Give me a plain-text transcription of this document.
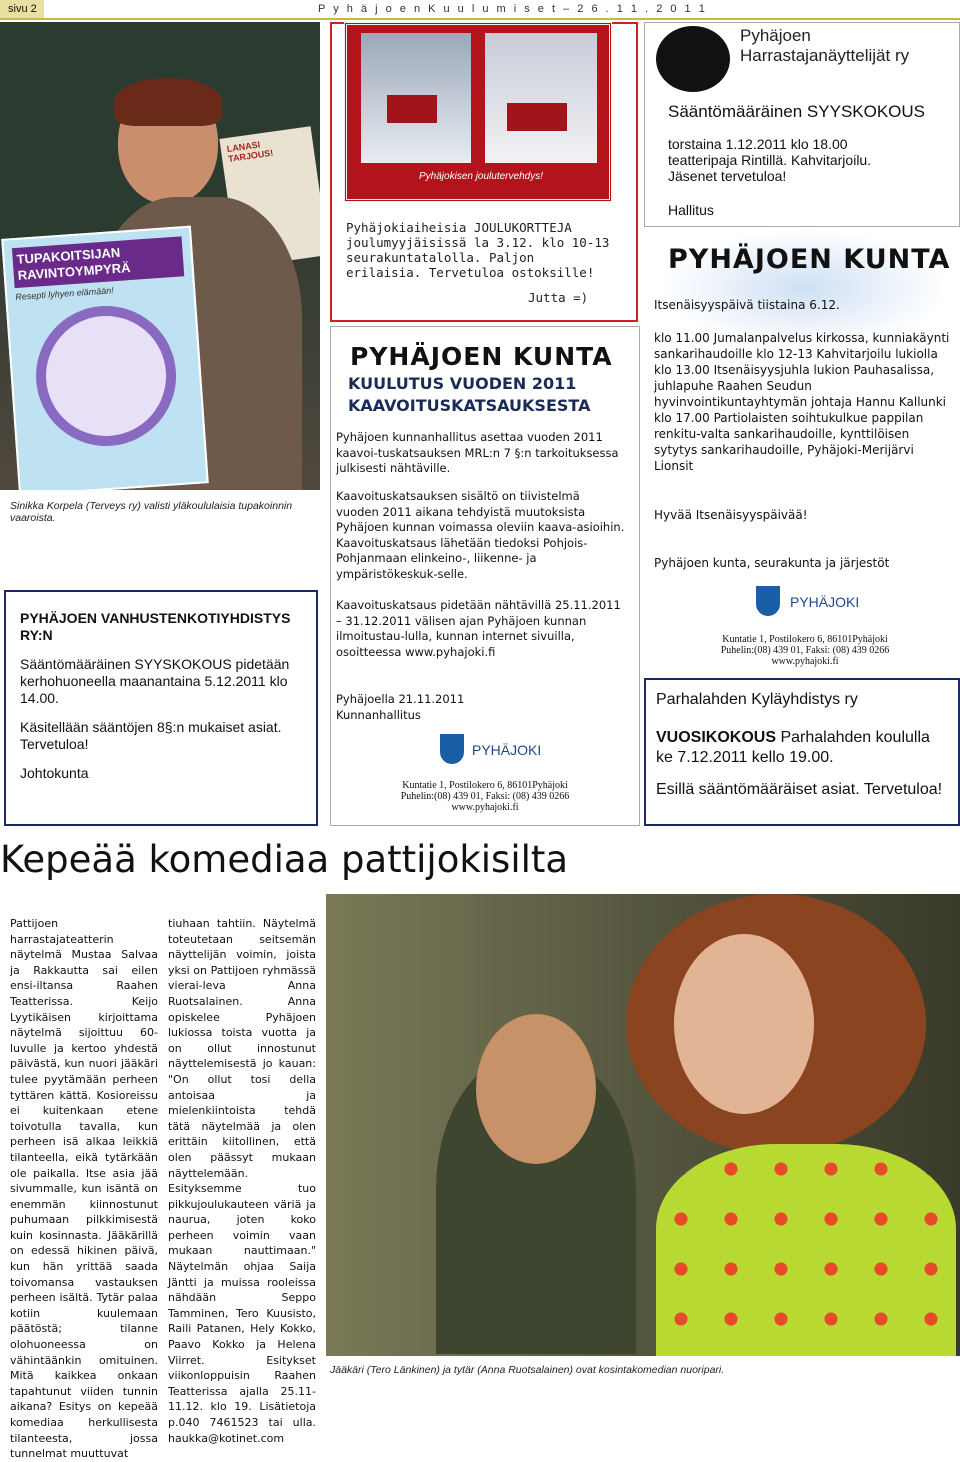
sivu 2	P y h ä j o e n K u u l u m i s e t – 2 6 . 1 1 . 2 0 1 1
LANASI TARJOUS!
TUPAKOITSIJAN RAVINTOYMPYRÄ
Resepti lyhyen elämään!
Sinikka Korpela (Terveys ry) valisti yläkoululaisia tupakoinnin vaaroista.

PYHÄJOEN VANHUSTENKOTIYHDISTYS RY:N

Sääntömääräinen SYYSKOKOUS pidetään kerhohuoneella maanantaina 5.12.2011 klo 14.00.

Käsitellään sääntöjen 8§:n mukaiset asiat. Tervetuloa!

Johtokunta

Pyhäjokisen joulutervehdys!
Pyhäjokiaiheisia JOULUKORTTEJA joulumyyjäisissä la 3.12. klo 10-13 seurakuntatalolla. Paljon erilaisia. Tervetuloa ostoksille!
Jutta =)
PYHÄJOEN KUNTA
KUULUTUS VUODEN 2011
KAAVOITUSKATSAUKSESTA
Pyhäjoen kunnanhallitus asettaa vuoden 2011 kaavoi-tuskatsauksen MRL:n 7 §:n tarkoituksessa julkisesti nähtäville.
Kaavoituskatsauksen sisältö on tiivistelmä vuoden 2011 aikana tehdyistä muutoksista Pyhäjoen kunnan voimassa oleviin kaava-asioihin. Kaavoituskatsaus lähetään tiedoksi Pohjois-Pohjanmaan elinkeino-, liikenne- ja ympäristökeskuk-selle.
Kaavoituskatsaus pidetään nähtävillä 25.11.2011 – 31.12.2011 välisen ajan Pyhäjoen kunnan ilmoitustau-lulla, kunnan internet sivuilla, osoitteessa www.pyhajoki.fi
Pyhäjoella 21.11.2011
Kunnanhallitus
PYHÄJOKI
Kuntatie 1, Postilokero 6, 86101Pyhäjoki
Puhelin:(08) 439 01, Faksi: (08) 439 0266
www.pyhajoki.fi
Pyhäjoen Harrastajanäyttelijät ry
Sääntömääräinen SYYSKOKOUS
torstaina 1.12.2011 klo 18.00 teatteripaja Rintillä. Kahvitarjoilu. Jäsenet tervetuloa!
Hallitus
PYHÄJOEN KUNTA
Itsenäisyyspäivä tiistaina 6.12.
klo 11.00 Jumalanpalvelus kirkossa, kunniakäynti sankarihaudoille klo 12-13 Kahvitarjoilu lukiolla klo 13.00 Itsenäisyysjuhla lukion Pauhasalissa, juhlapuhe Raahen Seudun hyvinvointikuntayhtymän johtaja Hannu Kallunki klo 17.00 Partiolaisten soihtukulkue pappilan renkitu-valta sankarihaudoille, kynttilöisen sytytys sankarihaudoille, Pyhäjoki-Merijärvi Lionsit
Hyvää Itsenäisyyspäivää!
Pyhäjoen kunta, seurakunta ja järjestöt
PYHÄJOKI
Kuntatie 1, Postilokero 6, 86101Pyhäjoki
Puhelin:(08) 439 01, Faksi: (08) 439 0266
www.pyhajoki.fi
Parhalahden Kyläyhdistys ry
VUOSIKOKOUS Parhalahden koululla ke 7.12.2011 kello 19.00.
Esillä sääntömääräiset asiat. Tervetuloa!
Kepeää komediaa pattijokisilta
Pattijoen harrastajateatterin näytelmä Mustaa Salvaa ja Rakkautta sai eilen ensi-iltansa Raahen Teatterissa. Keijo Lyytikäisen kirjoittama näytelmä sijoittuu 60-luvulle ja kertoo yhdestä päivästä, kun nuori jääkäri tulee pyytämään perheen tyttären kättä. Kosioreissu ei kuitenkaan etene toivotulla tavalla, kun perheen isä alkaa leikkiä tilanteella, eikä tytärkään ole paikalla. Itse asia jää sivummalle, kun isäntä on enemmän kiinnostunut puhumaan pilkkimisestä kuin kosinnasta. Jääkärillä on edessä hikinen päivä, kun hän yrittää saada toivomansa vastauksen perheen isältä. Tytär palaa kotiin kuulemaan päätöstä; tilanne olohuoneessa on vähintäänkin omituinen. Mitä kaikkea onkaan tapahtunut viiden tunnin aikana? Esitys on kepeää komediaa herkullisesta tilanteesta, jossa tunnelmat muuttuvat
tiuhaan tahtiin. Näytelmä toteutetaan seitsemän näyttelijän voimin, joista yksi on Pattijoen ryhmässä vierai-leva Anna Ruotsalainen. Anna opiskelee Pyhäjoen lukiossa toista vuotta ja on ollut innostunut näyttelemisestä jo kauan: "On ollut tosi della antoisaa ja mielenkiintoista tehdä tätä näytelmää ja olen erittäin kiitollinen, että olen päässyt mukaan näyttelemään. Esityksemme tuo pikkujoulukauteen väriä ja naurua, joten koko perheen voimin vaan mukaan nauttimaan." Näytelmän ohjaa Saija Jäntti ja muissa rooleissa nähdään Seppo Tamminen, Tero Kuusisto, Raili Patanen, Hely Kokko, Paavo Kokko ja Helena Viirret. Esitykset viikonloppuisin Raahen Teatterissa ajalla 25.11-11.12. klo 19. Lisätietoja p.040 7461523 tai ulla. haukka@kotinet.com
Jääkäri (Tero Länkinen) ja tytär (Anna Ruotsalainen) ovat kosintakomedian nuoripari.
